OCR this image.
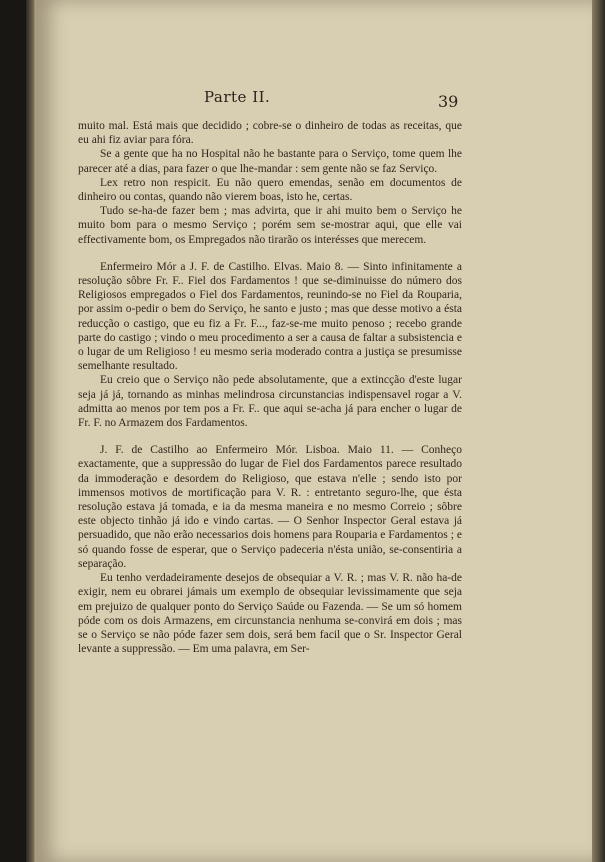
Parte II.	39

muito mal. Está mais que decidido ; cobre-se o dinheiro de todas as receitas, que eu ahi fiz aviar para fóra.

Se a gente que ha no Hospital não he bastante para o Serviço, tome quem lhe parecer até a dias, para fazer o que lhe-mandar : sem gente não se faz Serviço.

Lex retro non respicit. Eu não quero emendas, senão em documentos de dinheiro ou contas, quando não vierem boas, isto he, certas.

Tudo se-ha-de fazer bem ; mas advirta, que ir ahi muito bem o Serviço he muito bom para o mesmo Serviço ; porém sem se-mostrar aqui, que elle vai effectivamente bom, os Empregados não tirarão os interésses que merecem.

Enfermeiro Mór a J. F. de Castilho. Elvas. Maio 8. — Sinto infinitamente a resolução sôbre Fr. F.. Fiel dos Fardamentos ! que se-diminuisse do número dos Religiosos empregados o Fiel dos Fardamentos, reunindo-se no Fiel da Rouparia, por assim o-pedir o bem do Serviço, he santo e justo ; mas que desse motivo a ésta reducção o castigo, que eu fiz a Fr. F..., faz-se-me muito penoso ; recebo grande parte do castigo ; vindo o meu procedimento a ser a causa de faltar a subsistencia e o lugar de um Religioso ! eu mesmo seria moderado contra a justiça se presumisse semelhante resultado.

Eu creio que o Serviço não pede absolutamente, que a extincção d'este lugar seja já já, tornando as minhas melindrosa circunstancias indispensavel rogar a V. admitta ao menos por tem pos a Fr. F.. que aqui se-acha já para encher o lugar de Fr. F. no Armazem dos Fardamentos.

J. F. de Castilho ao Enfermeiro Mór. Lisboa. Maio 11. — Conheço exactamente, que a suppressão do lugar de Fiel dos Fardamentos parece resultado da immoderação e desordem do Religioso, que estava n'elle ; sendo isto por immensos motivos de mortificação para V. R. : entretanto seguro-lhe, que ésta resolução estava já tomada, e ia da mesma maneira e no mesmo Correio ; sôbre este objecto tinhão já ido e vindo cartas. — O Senhor Inspector Geral estava já persuadido, que não erão necessarios dois homens para Rouparia e Fardamentos ; e só quando fosse de esperar, que o Serviço padeceria n'ésta união, se-consentiria a separação.

Eu tenho verdadeiramente desejos de obsequiar a V. R. ; mas V. R. não ha-de exigir, nem eu obrarei jámais um exemplo de obsequiar levissimamente que seja em prejuizo de qualquer ponto do Serviço Saúde ou Fazenda. — Se um só homem póde com os dois Armazens, em circunstancia nenhuma se-convirá em dois ; mas se o Serviço se não póde fazer sem dois, será bem facil que o Sr. Inspector Geral levante a suppressão. — Em uma palavra, em Ser-
